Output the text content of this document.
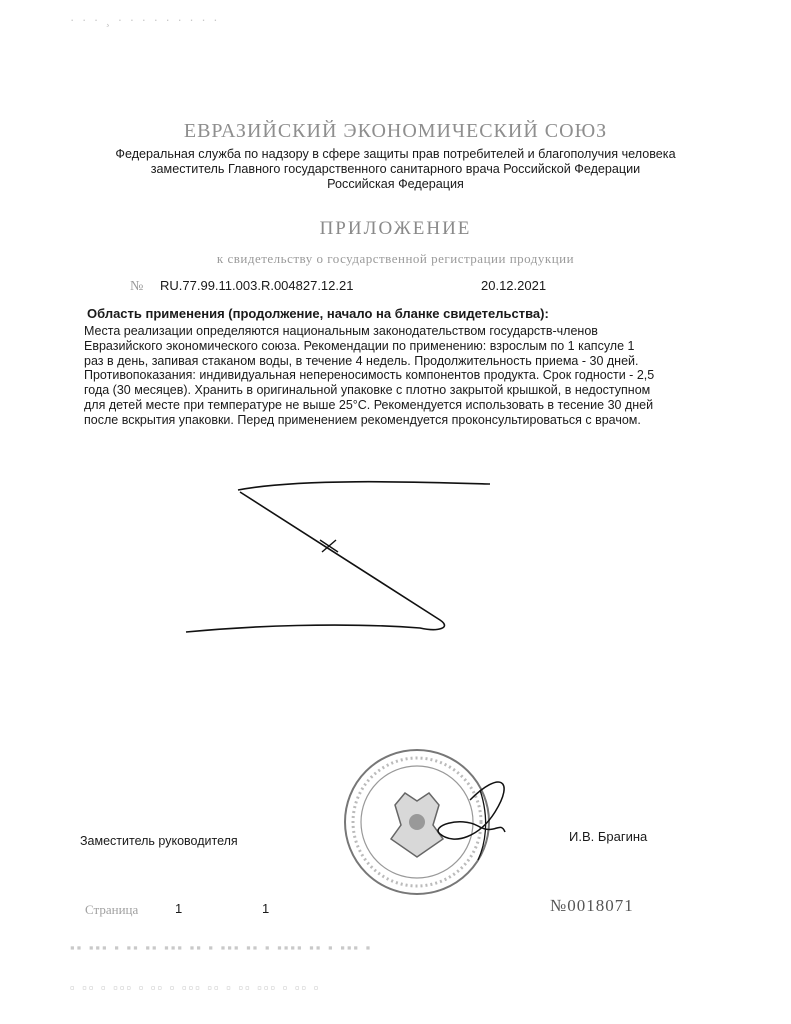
· · · ¸ · · · · · · · · ·
▪▪ ▪▪▪ ▪ ▪▪ ▪▪ ▪▪▪ ▪▪ ▪ ▪▪▪ ▪▪ ▪ ▪▪▪▪ ▪▪ ▪ ▪▪▪ ▪
▫ ▫▫ ▫ ▫▫▫ ▫ ▫▫ ▫ ▫▫▫ ▫▫ ▫ ▫▫ ▫▫▫ ▫ ▫▫ ▫
ЕВРАЗИЙСКИЙ ЭКОНОМИЧЕСКИЙ СОЮЗ
Федеральная служба по надзору в сфере защиты прав потребителей и благополучия человека
заместитель Главного государственного санитарного врача Российской Федерации
Российская Федерация
ПРИЛОЖЕНИЕ
к свидетельству о государственной регистрации продукции
№ RU.77.99.11.003.R.004827.12.21	20.12.2021
Область применения (продолжение, начало на бланке свидетельства):
Места реализации определяются национальным законодательством государств-членов
Евразийского экономического союза. Рекомендации по применению: взрослым по 1 капсуле 1
раз в день, запивая стаканом воды, в течение 4 недель. Продолжительность приема - 30 дней.
Противопоказания: индивидуальная непереносимость компонентов продукта. Срок годности - 2,5
года (30 месяцев). Хранить в оригинальной упаковке с плотно закрытой крышкой, в недоступном
для детей месте при температуре не выше 25°С. Рекомендуется использовать в тесение 30 дней
после вскрытия упаковки. Перед применением рекомендуется проконсультироваться с врачом.
Заместитель руководителя	И.В. Брагина
Страница	1	1	№0018071
